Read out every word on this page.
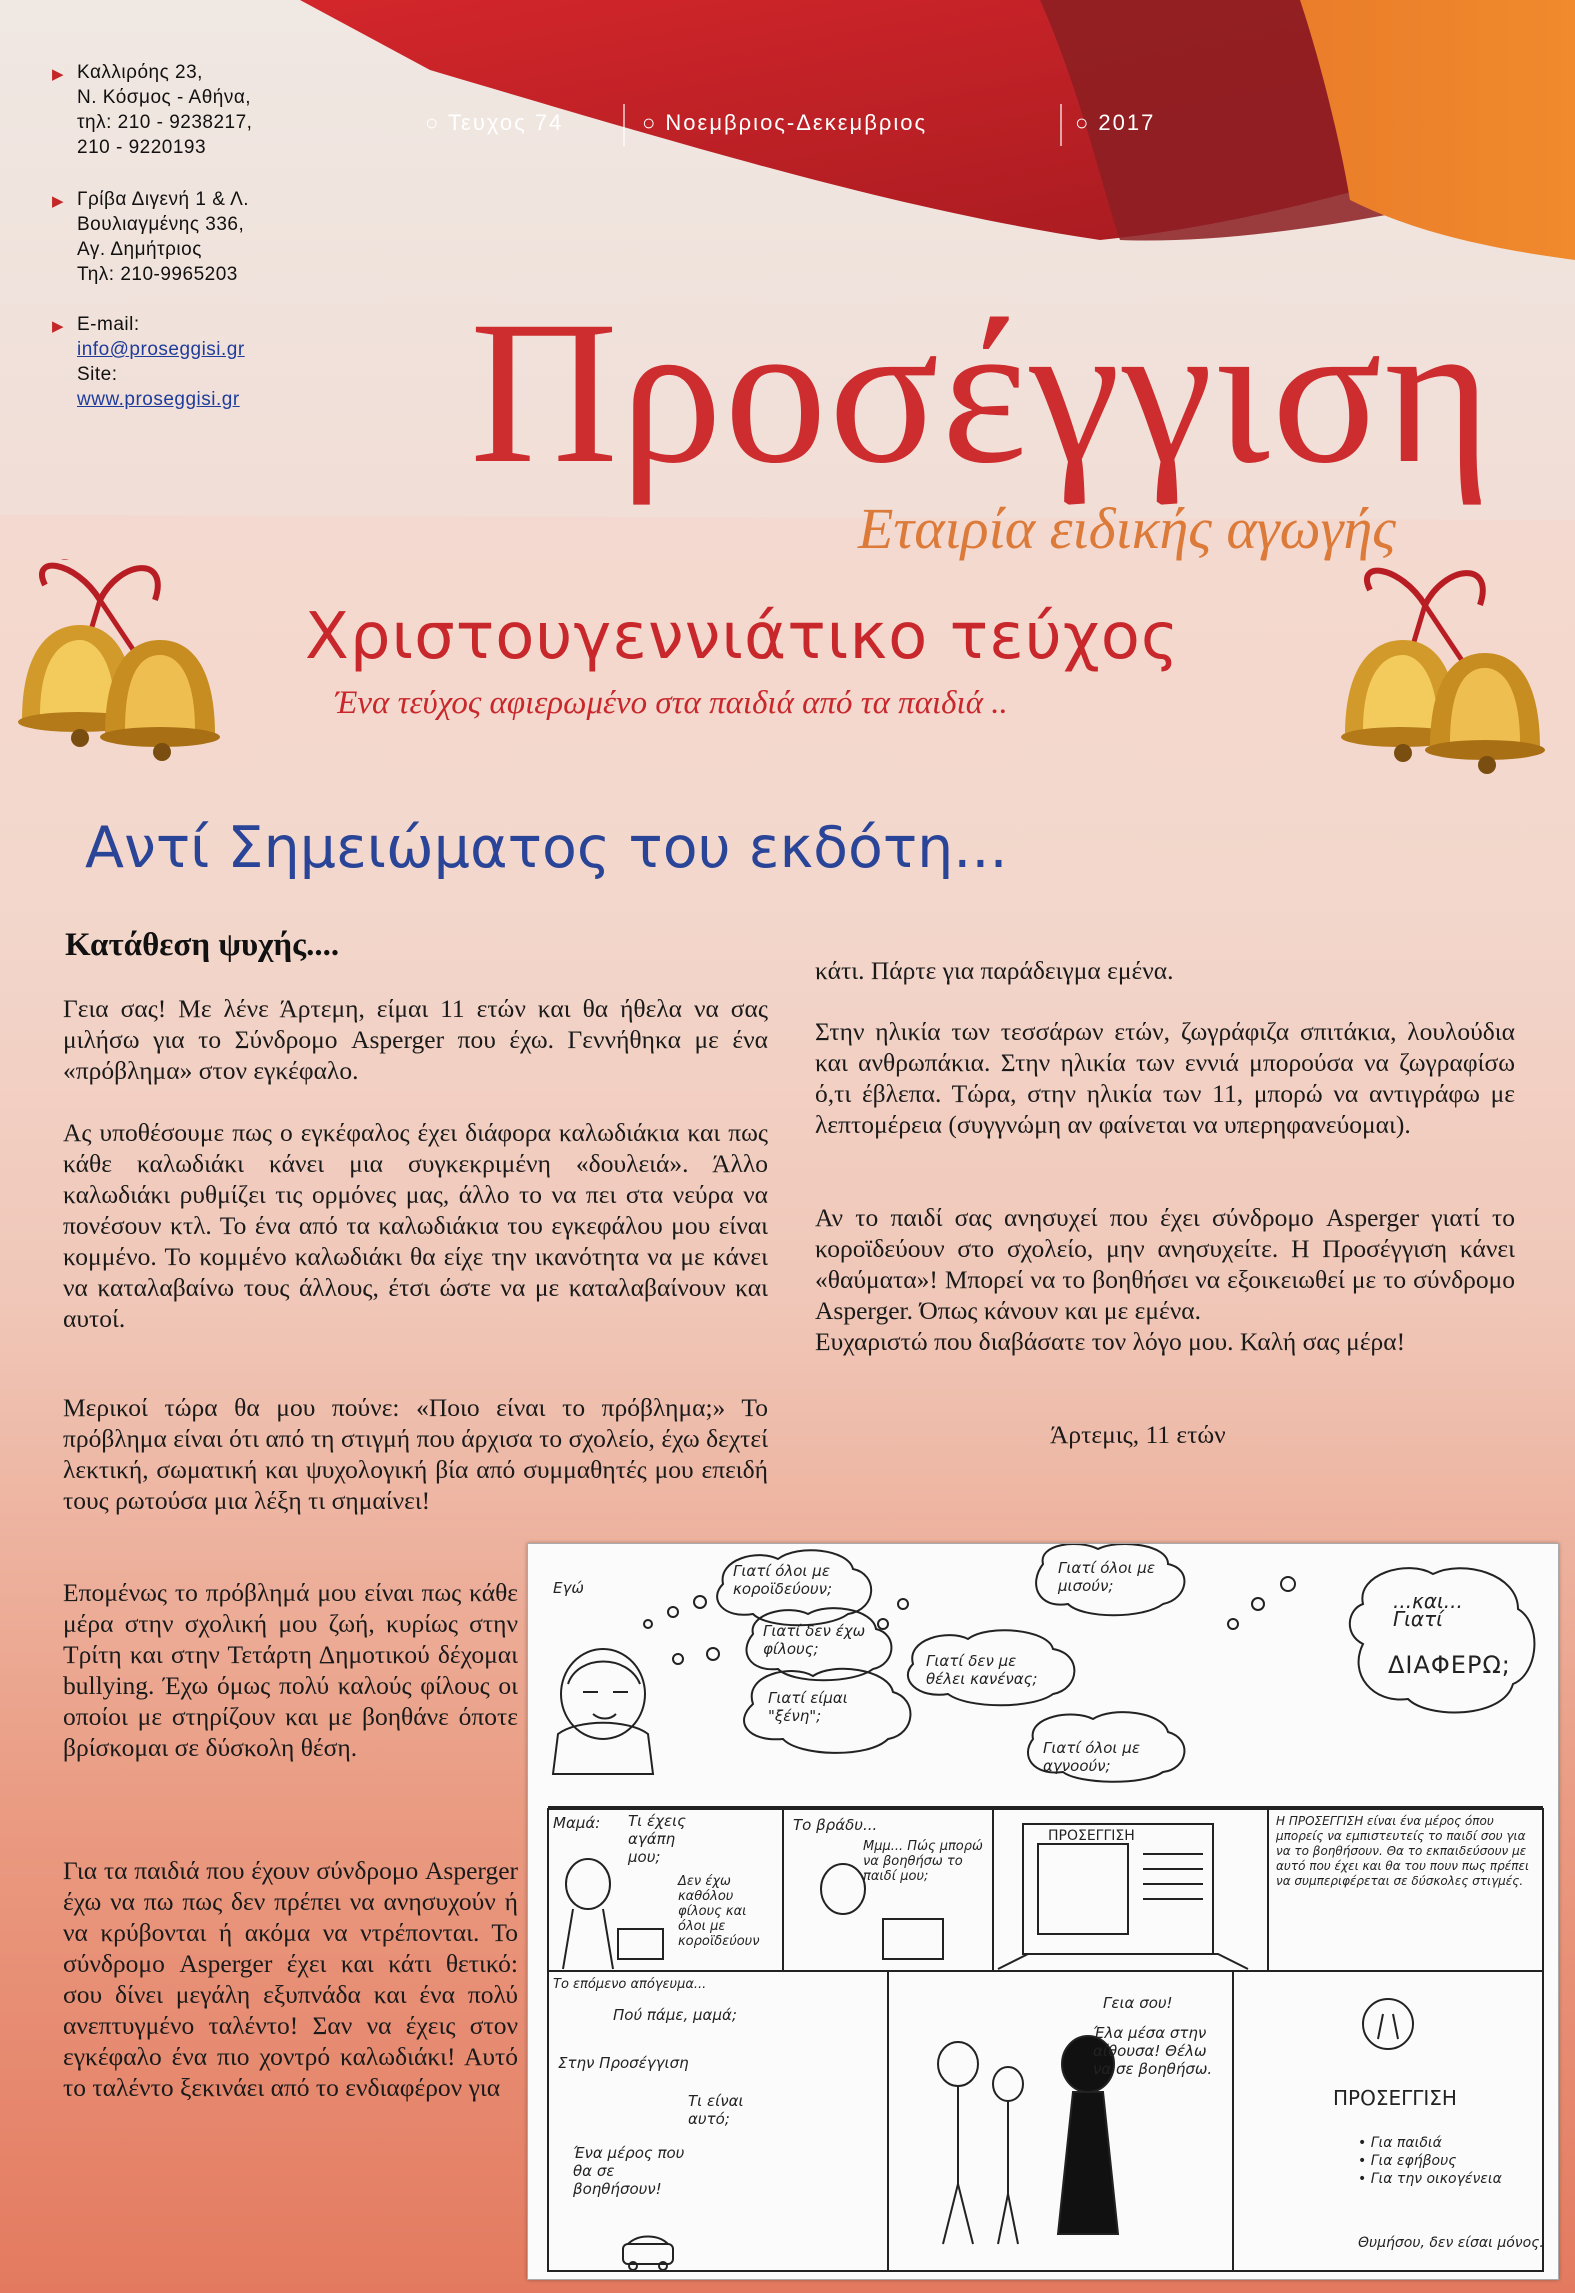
▶ Καλλιρόης 23,
Ν. Κόσμος - Αθήνα,
τηλ: 210 - 9238217,
210 - 9220193
▶ Γρίβα Διγενή 1 & Λ.
Βουλιαγμένης 336,
Αγ. Δημήτριος
Τηλ: 210-9965203
▶ E-mail:
info@proseggisi.gr
Site:
www.proseggisi.gr
○ Τευχος 74	○ Νοεμβριος-Δεκεμβριος	○ 2017
Προσέγγιση
Εταιρία ειδικής αγωγής
Χριστουγεννιάτικο τεύχος
Ένα τεύχος αφιερωμένο στα παιδιά από τα παιδιά ..
Αντί Σημειώματος του εκδότη...
Κατάθεση ψυχής....
Γεια σας! Με λένε Άρτεμη, είμαι 11 ετών και θα ήθελα να σας μιλήσω για το Σύνδρομο Asperger που έχω. Γεννήθηκα με ένα «πρόβλημα» στον εγκέφαλο.
Ας υποθέσουμε πως ο εγκέφαλος έχει διάφορα καλωδιάκια και πως κάθε καλωδιάκι κάνει μια συγκεκριμένη «δουλειά». Άλλο καλωδιάκι ρυθμίζει τις ορμόνες μας, άλλο το να πει στα νεύρα να πονέσουν κτλ. Το ένα από τα καλωδιάκια του εγκεφάλου μου είναι κομμένο. Το κομμένο καλωδιάκι θα είχε την ικανότητα να με κάνει να καταλαβαίνω τους άλλους, έτσι ώστε να με καταλαβαίνουν και αυτοί.
Μερικοί τώρα θα μου πούνε: «Ποιο είναι το πρόβλημα;» Το πρόβλημα είναι ότι από τη στιγμή που άρχισα το σχολείο, έχω δεχτεί λεκτική, σωματική και ψυχολογική βία από συμμαθητές μου επειδή τους ρωτούσα μια λέξη τι σημαίνει!
Επομένως το πρόβλημά μου είναι πως κάθε μέρα στην σχολική μου ζωή, κυρίως στην Τρίτη και στην Τετάρτη Δημοτικού δέχομαι bullying. Έχω όμως πολύ καλούς φίλους οι οποίοι με στηρίζουν και με βοηθάνε όποτε βρίσκομαι σε δύσκολη θέση.
Για τα παιδιά που έχουν σύνδρομο Asperger έχω να πω πως δεν πρέπει να ανησυχούν ή να κρύβονται ή ακόμα να ντρέπονται. Το σύνδρομο Asperger έχει και κάτι θετικό: σου δίνει μεγάλη εξυπνάδα και ένα πολύ ανεπτυγμένο ταλέντο! Σαν να έχεις στον εγκέφαλο ένα πιο χοντρό καλωδιάκι! Αυτό το ταλέντο ξεκινάει από το ενδιαφέρον για
κάτι. Πάρτε για παράδειγμα εμένα.
Στην ηλικία των τεσσάρων ετών, ζωγράφιζα σπιτάκια, λουλούδια και ανθρωπάκια. Στην ηλικία των εννιά μπορούσα να ζωγραφίσω ό,τι έβλεπα. Τώρα, στην ηλικία των 11, μπορώ να αντιγράφω με λεπτομέρεια (συγγνώμη αν φαίνεται να υπερηφανεύομαι).
Αν το παιδί σας ανησυχεί που έχει σύνδρομο Asperger γιατί το κοροϊδεύουν στο σχολείο, μην ανησυχείτε. Η Προσέγγιση κάνει «θαύματα»! Μπορεί να το βοηθήσει να εξοικειωθεί με το σύνδρομο Asperger. Όπως κάνουν και με εμένα.
Ευχαριστώ που διαβάσατε τον λόγο μου. Καλή σας μέρα!
Άρτεμις, 11 ετών
Εγώ
Γιατί όλοι με κοροϊδεύουν;
Γιατί όλοι με μισούν;
Γιατί δεν έχω φίλους;
Γιατί δεν με θέλει κανένας;
Γιατί είμαι "ξένη";
Γιατί όλοι με αγνοούν;
...και...
Γιατί
ΔΙΑΦΕΡΩ;
Μαμά: Τι έχεις αγάπη μου;
Δεν έχω καθόλου φίλους και όλοι με κοροϊδεύουν
Το βράδυ...
Μμμ... Πώς μπορώ να βοηθήσω το παιδί μου;
ΠΡΟΣΕΓΓΙΣΗ
Η ΠΡΟΣΕΓΓΙΣΗ είναι ένα μέρος όπου μπορείς να εμπιστευτείς το παιδί σου για να το βοηθήσουν. Θα το εκπαιδεύσουν με αυτό που έχει και θα του πουν πως πρέπει να συμπεριφέρεται σε δύσκολες στιγμές.
Το επόμενο απόγευμα...
Πού πάμε, μαμά;
Στην Προσέγγιση
Τι είναι αυτό;
Ένα μέρος που θα σε βοηθήσουν!
Γεια σου!
Έλα μέσα στην αίθουσα! Θέλω να σε βοηθήσω.
ΠΡΟΣΕΓΓΙΣΗ
• Για παιδιά
• Για εφήβους
• Για την οικογένεια
Θυμήσου, δεν είσαι μόνος.
